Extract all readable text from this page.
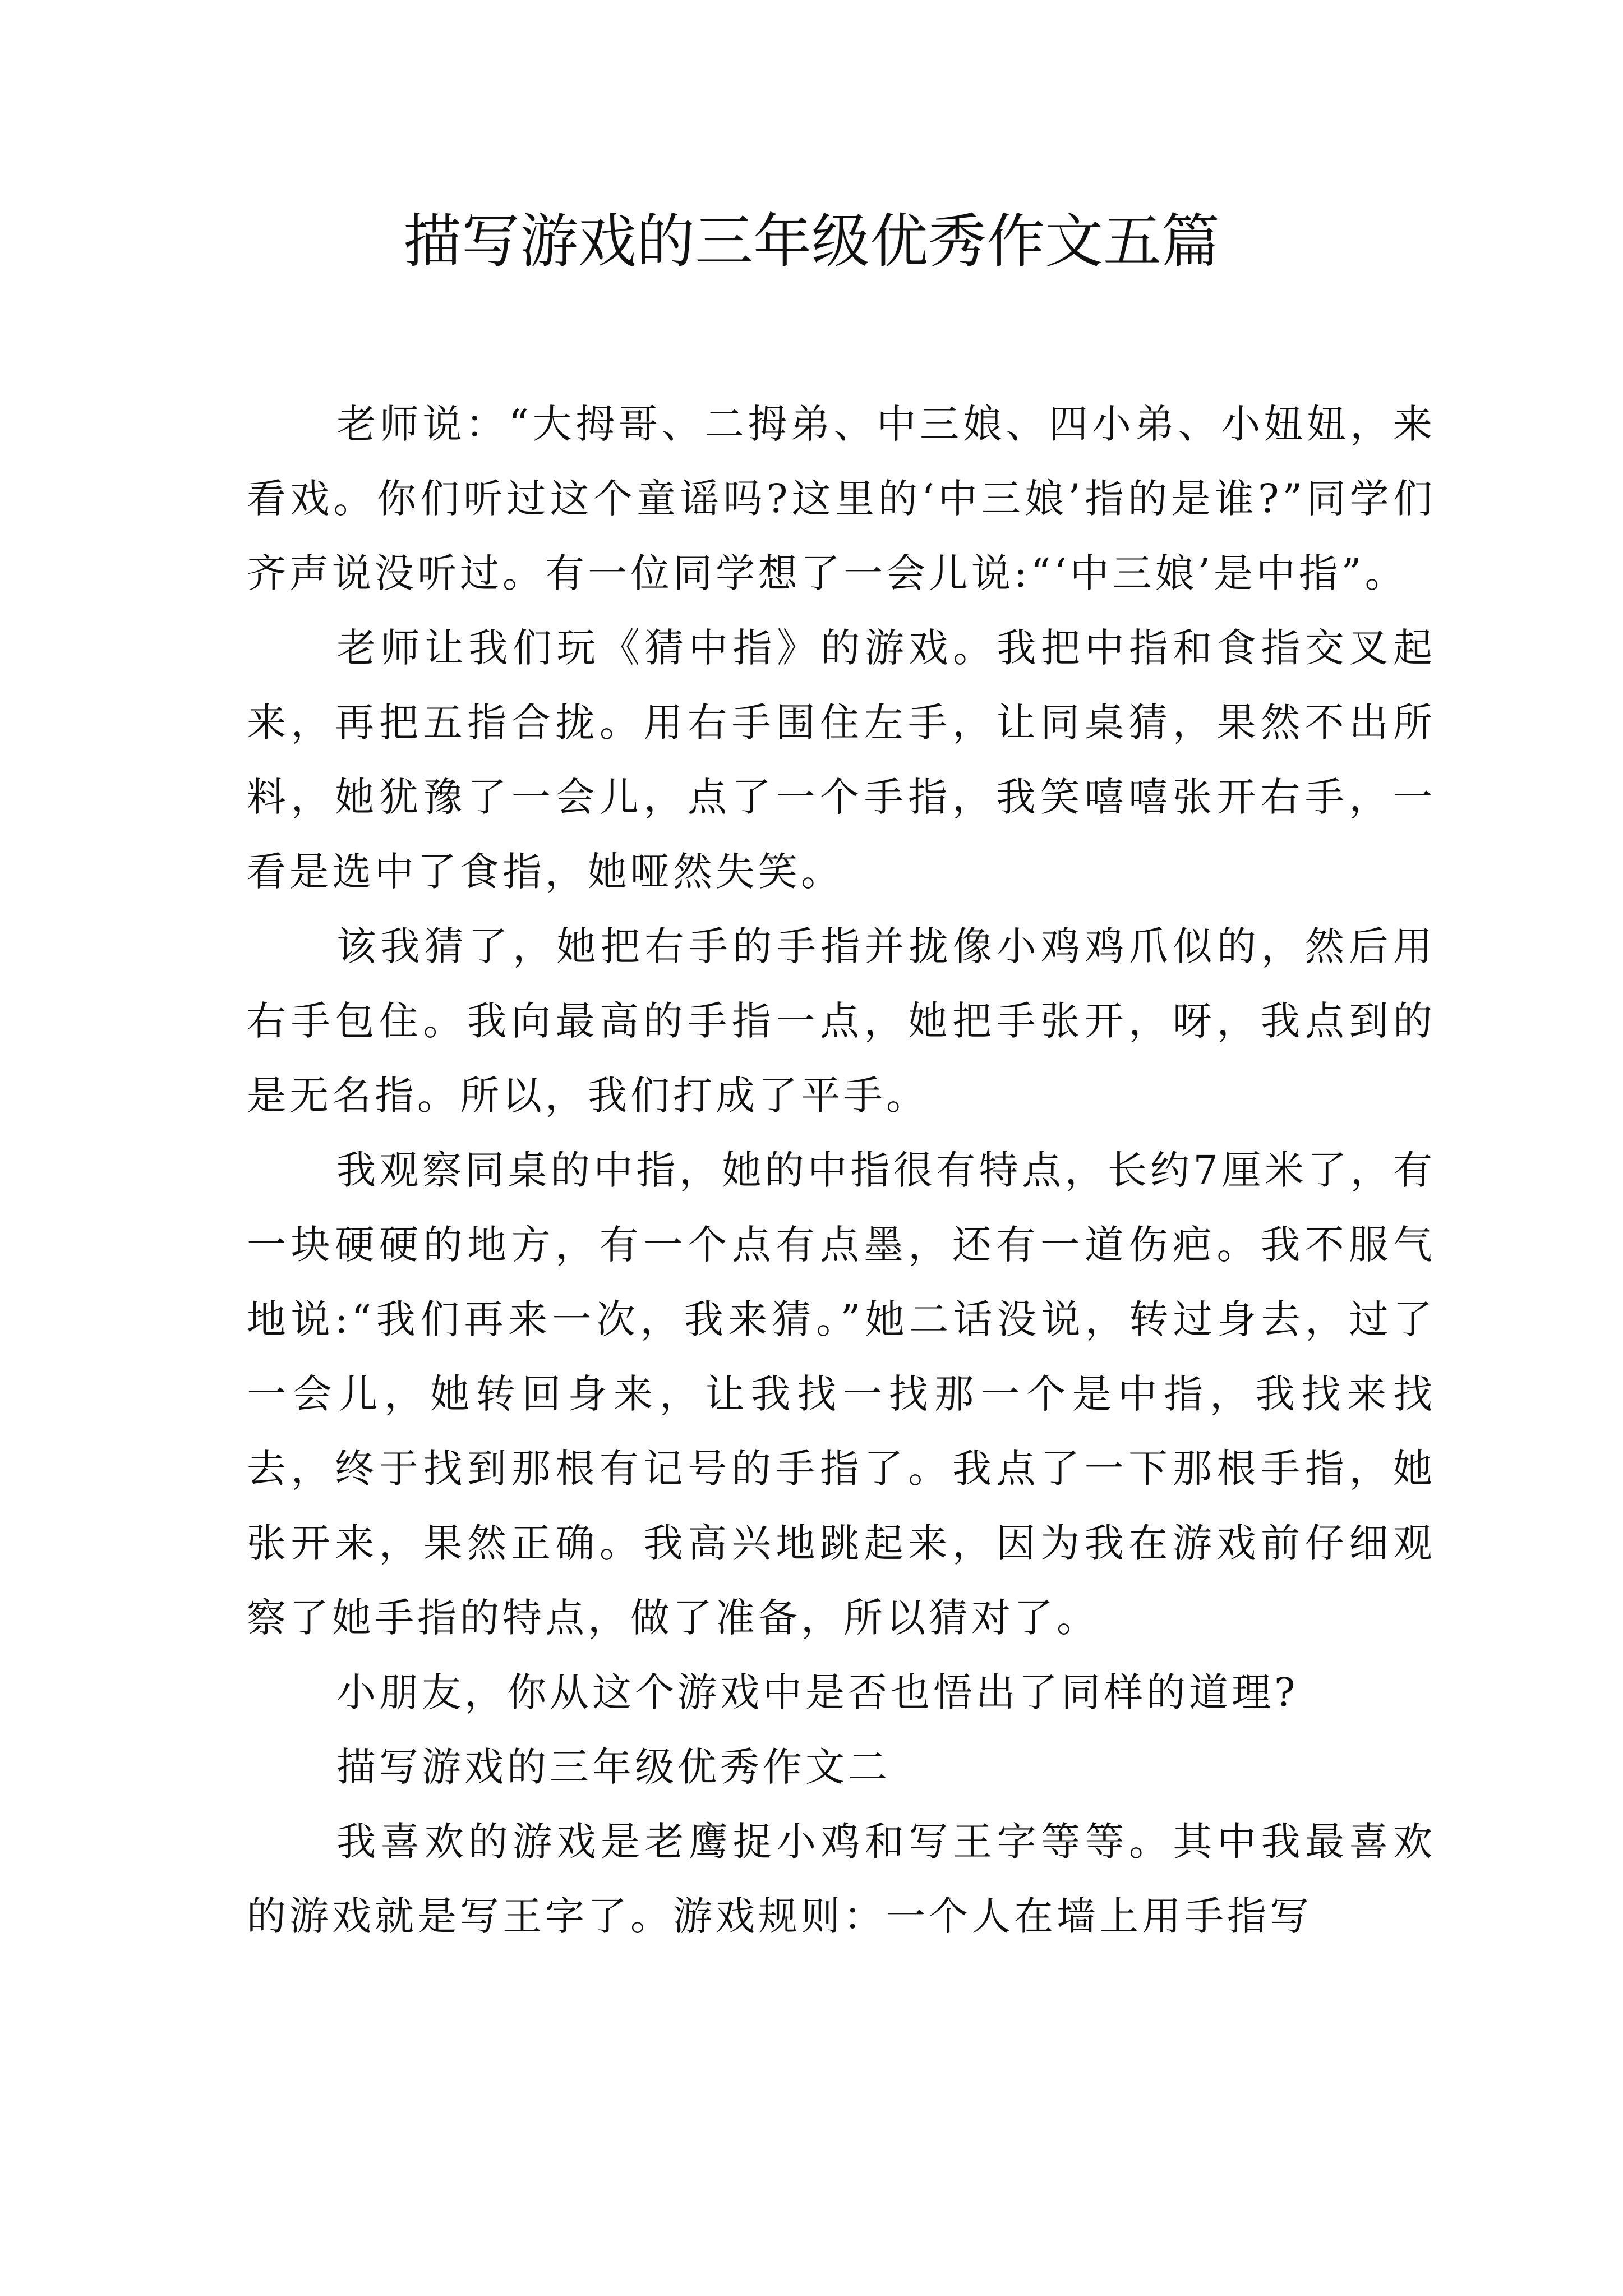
描写游戏的三年级优秀作文五篇

老师说：“大拇哥、二拇弟、中三娘、四小弟、小妞妞，来看戏。你们听过这个童谣吗?这里的‘中三娘’指的是谁?”同学们齐声说没听过。有一位同学想了一会儿说:“‘中三娘’是中指”。

老师让我们玩《猜中指》的游戏。我把中指和食指交叉起来，再把五指合拢。用右手围住左手，让同桌猜，果然不出所料，她犹豫了一会儿，点了一个手指，我笑嘻嘻张开右手，一看是选中了食指，她哑然失笑。

该我猜了，她把右手的手指并拢像小鸡鸡爪似的，然后用右手包住。我向最高的手指一点，她把手张开，呀，我点到的是无名指。所以，我们打成了平手。

我观察同桌的中指，她的中指很有特点，长约7厘米了，有一块硬硬的地方，有一个点有点墨，还有一道伤疤。我不服气地说:“我们再来一次，我来猜。”她二话没说，转过身去，过了一会儿，她转回身来，让我找一找那一个是中指，我找来找去，终于找到那根有记号的手指了。我点了一下那根手指，她张开来，果然正确。我高兴地跳起来，因为我在游戏前仔细观察了她手指的特点，做了准备，所以猜对了。

小朋友，你从这个游戏中是否也悟出了同样的道理?

描写游戏的三年级优秀作文二

我喜欢的游戏是老鹰捉小鸡和写王字等等。其中我最喜欢的游戏就是写王字了。游戏规则：一个人在墙上用手指写
